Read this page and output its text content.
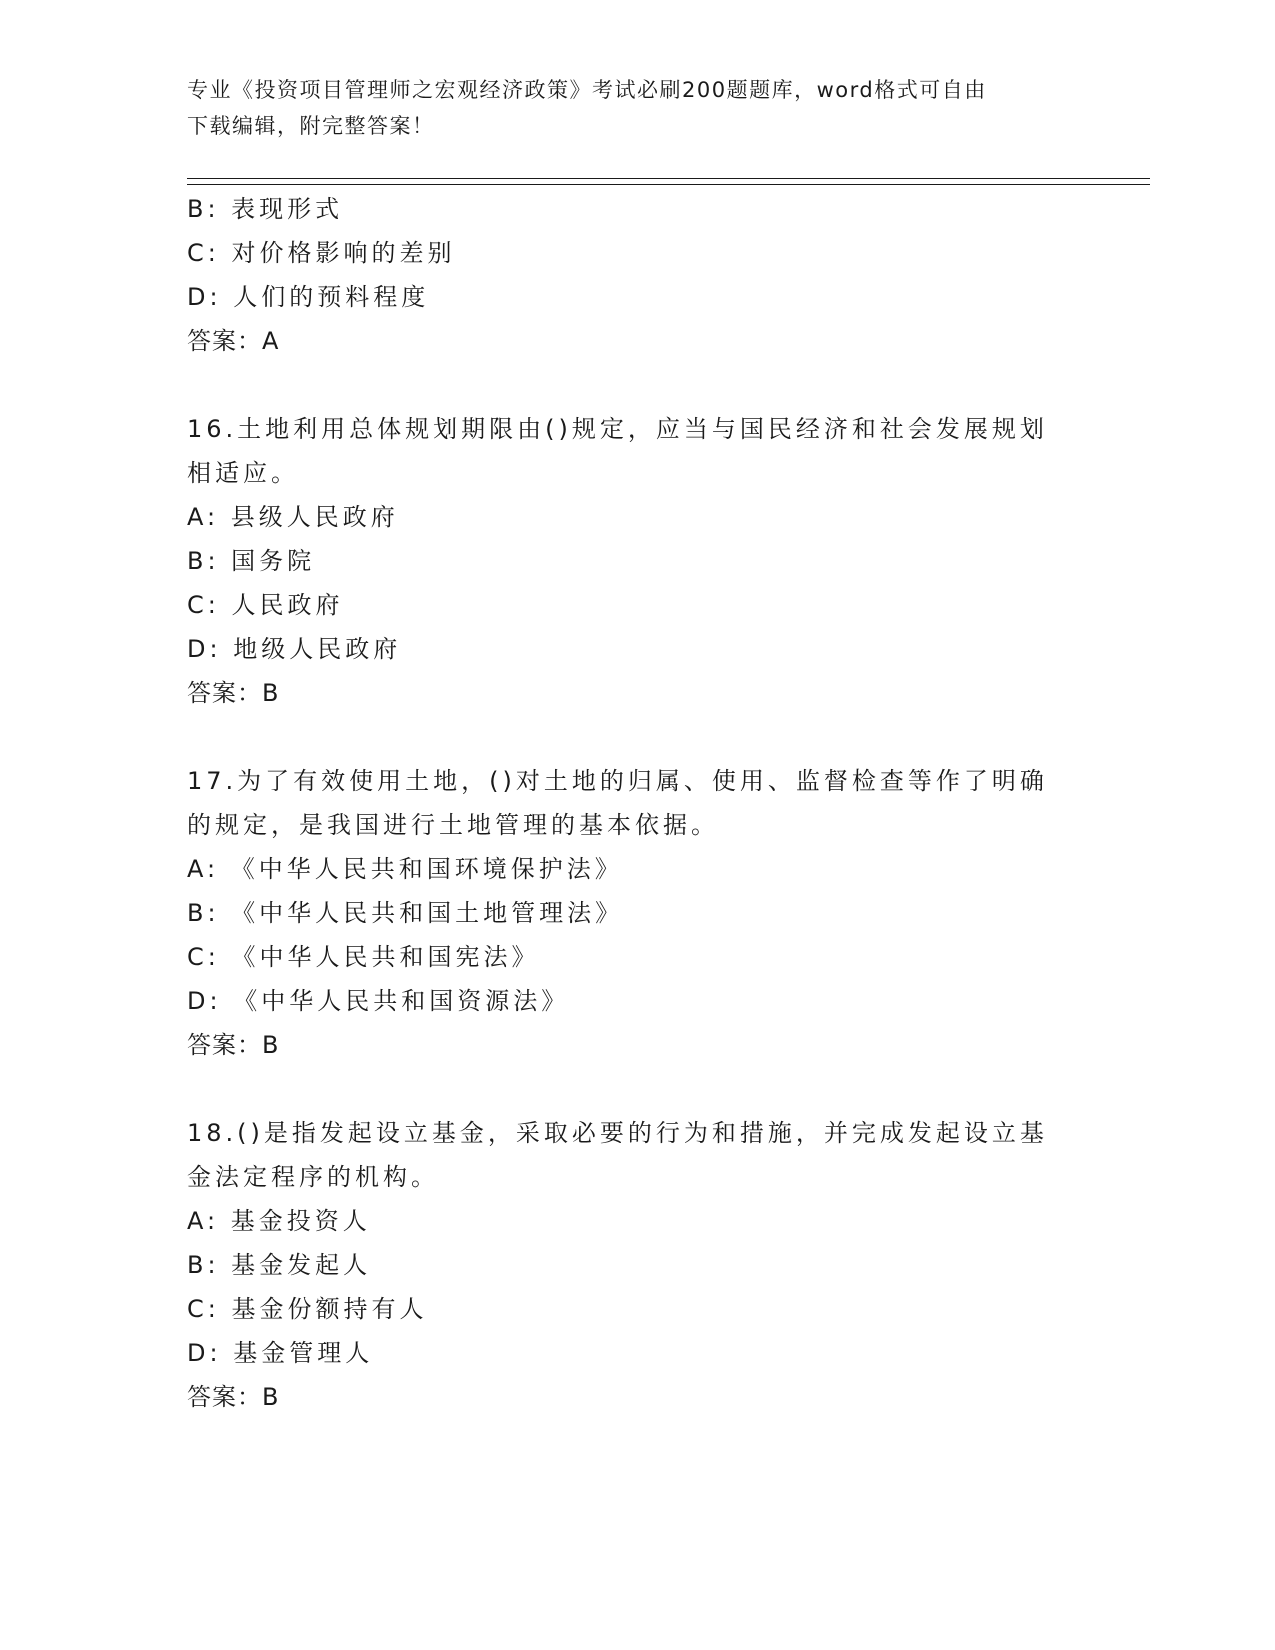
专业《投资项目管理师之宏观经济政策》考试必刷200题题库，word格式可自由
下载编辑，附完整答案！
B: 表现形式
C: 对价格影响的差别
D: 人们的预料程度
答案：A
16.土地利用总体规划期限由()规定，应当与国民经济和社会发展规划
相适应。
A: 县级人民政府
B: 国务院
C: 人民政府
D: 地级人民政府
答案：B
17.为了有效使用土地，()对土地的归属、使用、监督检查等作了明确
的规定，是我国进行土地管理的基本依据。
A: 《中华人民共和国环境保护法》
B: 《中华人民共和国土地管理法》
C: 《中华人民共和国宪法》
D: 《中华人民共和国资源法》
答案：B
18.()是指发起设立基金，采取必要的行为和措施，并完成发起设立基
金法定程序的机构。
A: 基金投资人
B: 基金发起人
C: 基金份额持有人
D: 基金管理人
答案：B
